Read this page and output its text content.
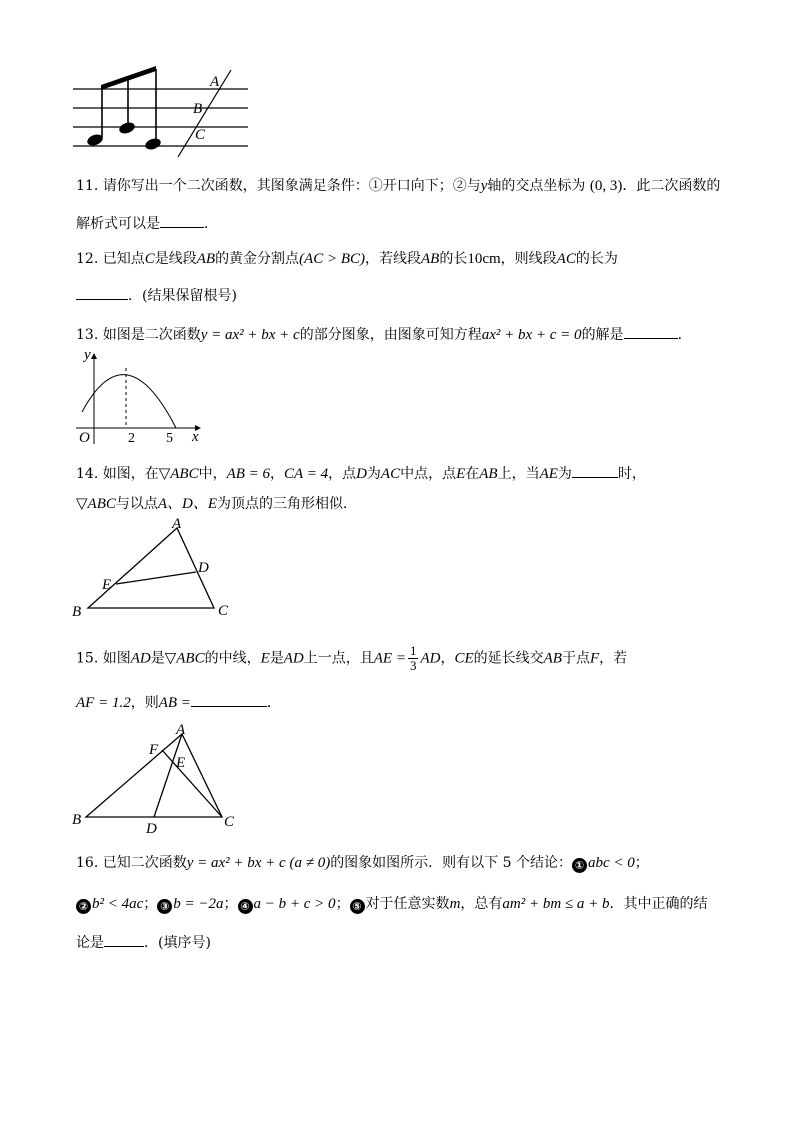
A
B
C
11. 请你写出一个二次函数，其图象满足条件：①开口向下；②与y轴的交点坐标为 (0, 3)．此二次函数的
解析式可以是	．
12. 已知点C是线段AB的黄金分割点(AC > BC)，若线段AB的长10cm，则线段AC的长为
．(结果保留根号)
13. 如图是二次函数y = ax² + bx + c的部分图象，由图象可知方程ax² + bx + c = 0的解是	．
y
x
O	2 5
14. 如图，在▽ABC中，AB = 6，CA = 4，点D为AC中点，点E在AB上，当AE为	时，
▽ABC与以点A、D、E为顶点的三角形相似．
A
B	C
D
E
15. 如图AD是▽ABC的中线，E是AD上一点，且AE = $\frac{1}{3}$ AD，CE的延长线交AB于点F，若
AF = 1.2，则AB =	．
A
B	C
D
E
F
16. 已知二次函数y = ax² + bx + c (a ≠ 0)的图象如图所示．则有以下 5 个结论： ① abc < 0；
② b² < 4ac； ③ b = −2a； ④ a − b + c > 0； ⑤ 对于任意实数m，总有am² + bm ≤ a + b．其中正确的结
论是	．(填序号)
